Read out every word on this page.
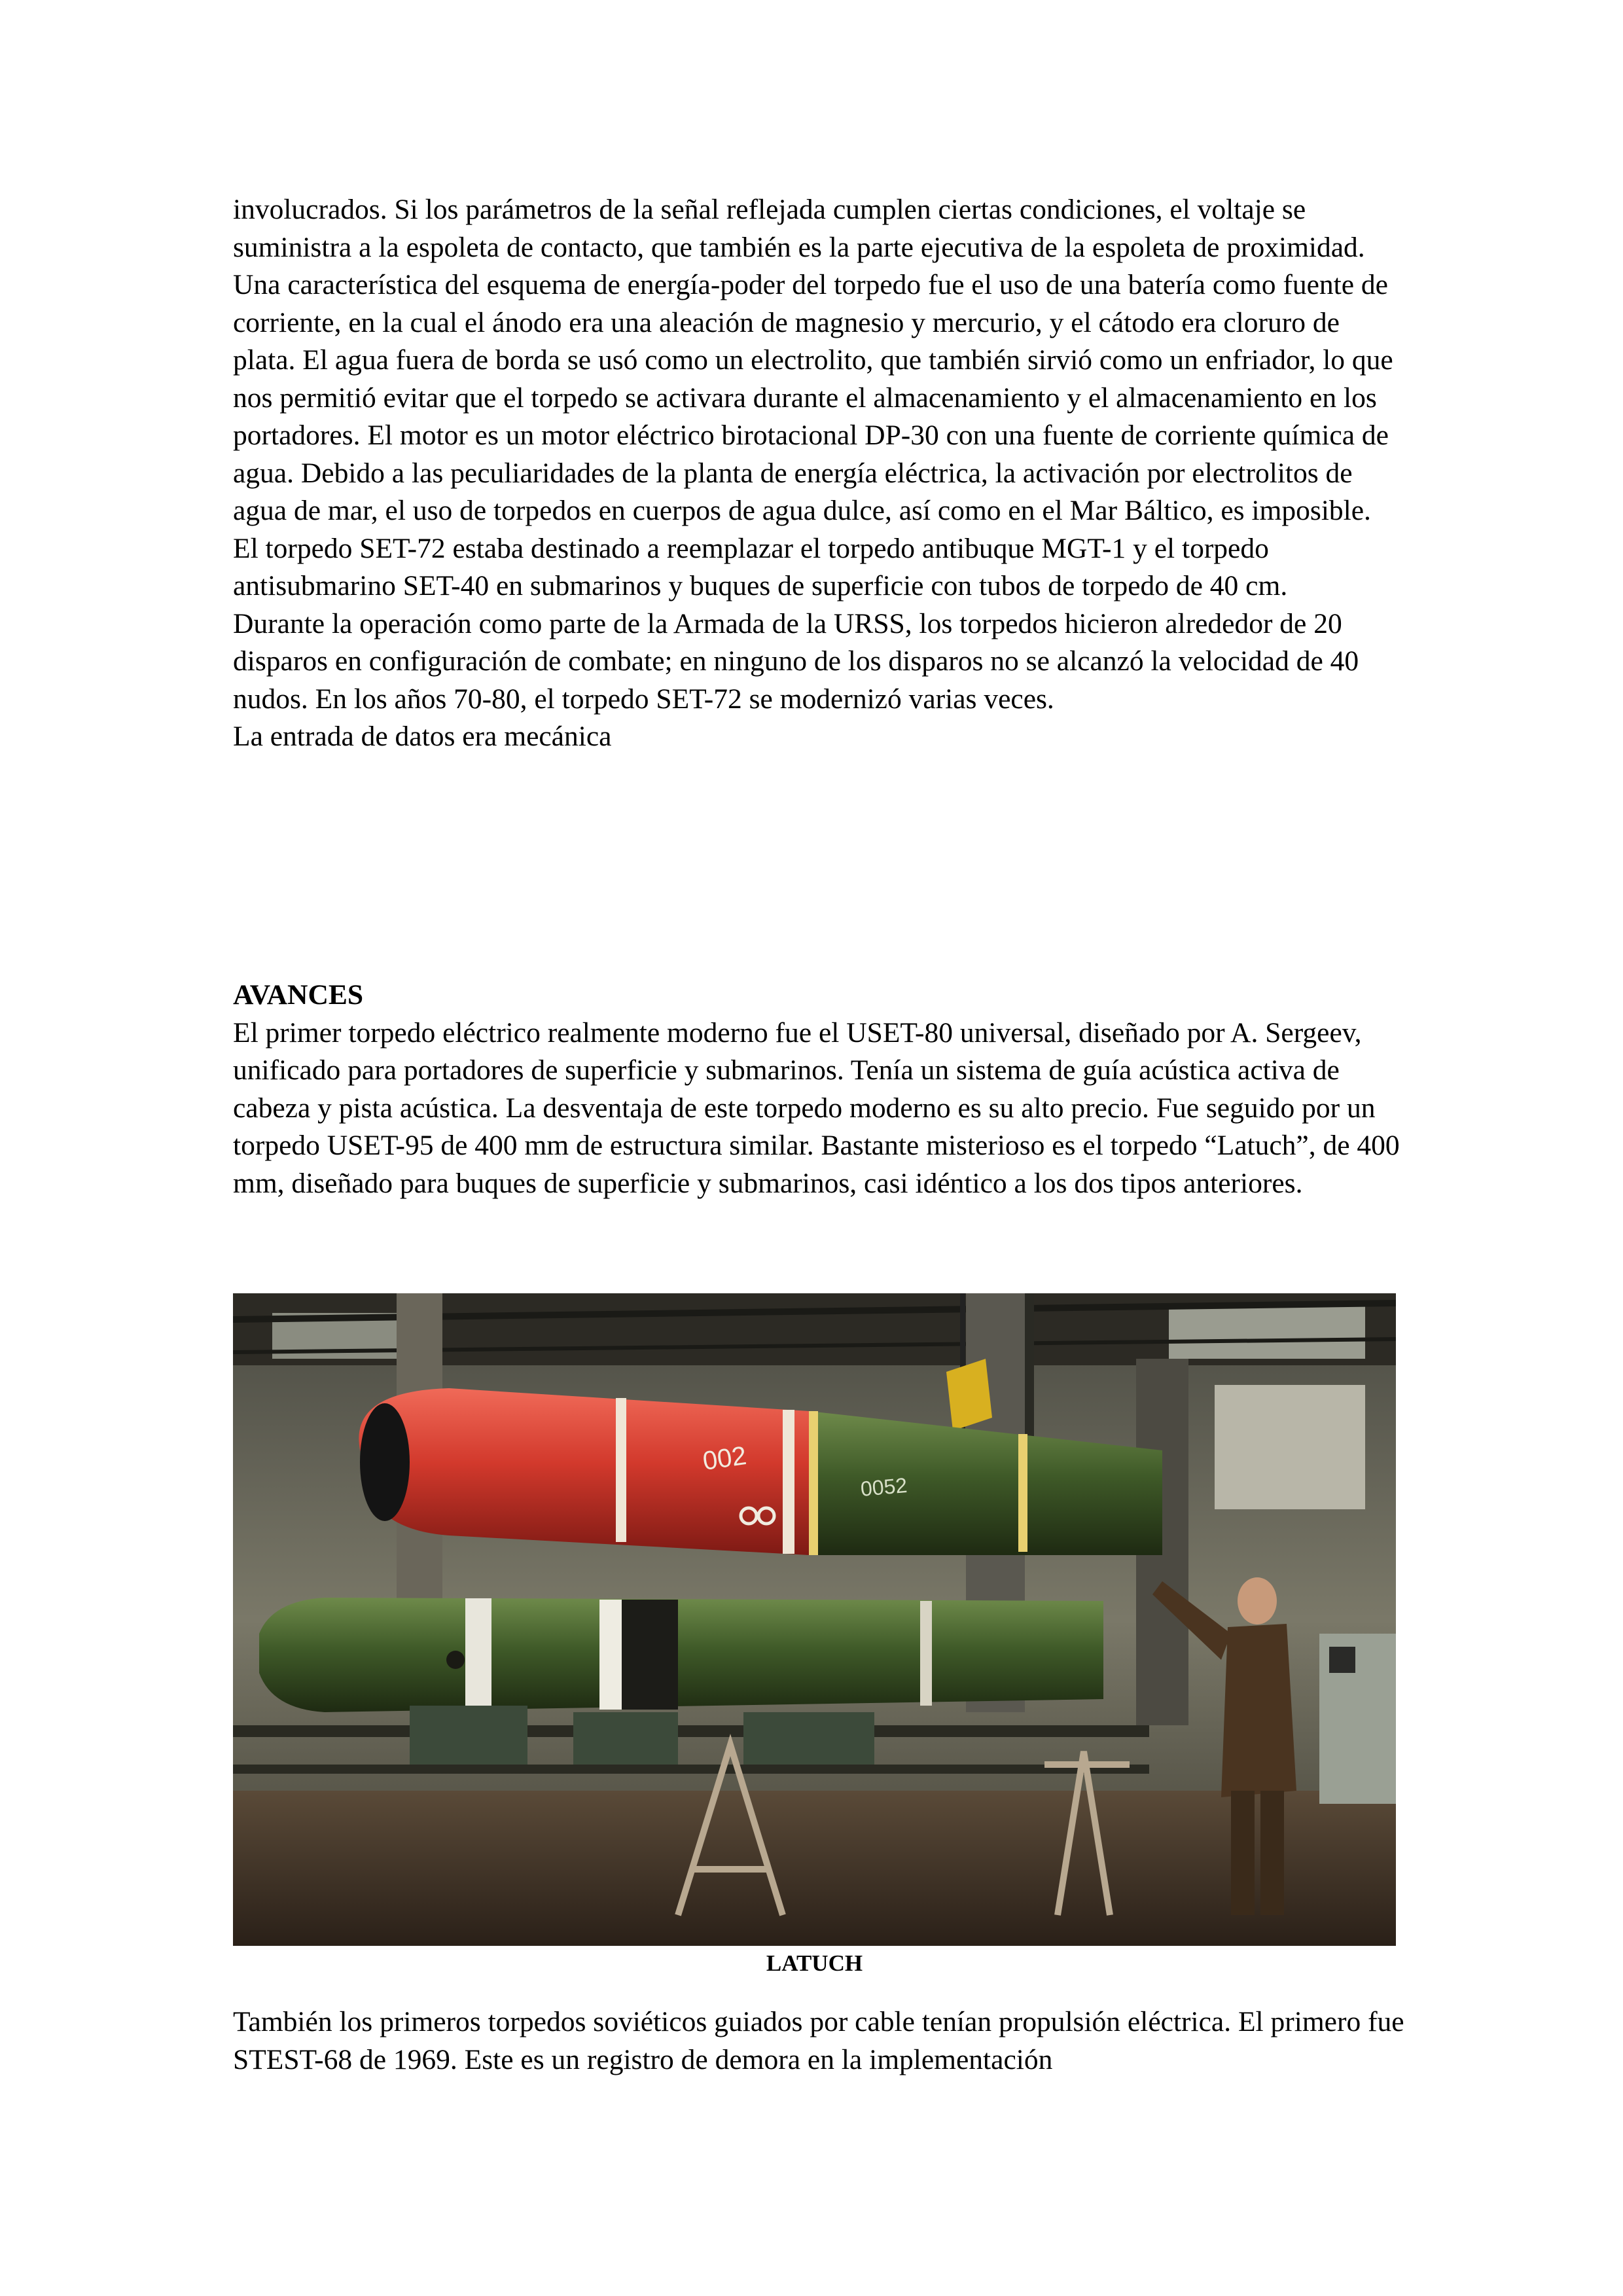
involucrados. Si los parámetros de la señal reflejada cumplen ciertas condiciones, el voltaje se suministra a la espoleta de contacto, que también es la parte ejecutiva de la espoleta de proximidad.

Una característica del esquema de energía-poder del torpedo fue el uso de una batería como fuente de corriente, en la cual el ánodo era una aleación de magnesio y mercurio, y el cátodo era cloruro de plata. El agua fuera de borda se usó como un electrolito, que también sirvió como un enfriador, lo que nos permitió evitar que el torpedo se activara durante el almacenamiento y el almacenamiento en los portadores. El motor es un motor eléctrico birotacional DP-30 con una fuente de corriente química de agua. Debido a las peculiaridades de la planta de energía eléctrica, la activación por electrolitos de agua de mar, el uso de torpedos en cuerpos de agua dulce, así como en el Mar Báltico, es imposible.

El torpedo SET-72 estaba destinado a reemplazar el torpedo antibuque MGT-1 y el torpedo antisubmarino SET-40 en submarinos y buques de superficie con tubos de torpedo de 40 cm.

Durante la operación como parte de la Armada de la URSS, los torpedos hicieron alrededor de 20 disparos en configuración de combate; en ninguno de los disparos no se alcanzó la velocidad de 40 nudos. En los años 70-80, el torpedo SET-72 se modernizó varias veces.

La entrada de datos era mecánica

AVANCES

El primer torpedo eléctrico realmente moderno fue el USET-80 universal, diseñado por A. Sergeev, unificado para portadores de superficie y submarinos. Tenía un sistema de guía acústica activa de cabeza y pista acústica. La desventaja de este torpedo moderno es su alto precio. Fue seguido por un torpedo USET-95 de 400 mm de estructura similar. Bastante misterioso es el torpedo “Latuch”, de 400 mm, diseñado para buques de superficie y submarinos, casi idéntico a los dos tipos anteriores.

002
0052
LATUCH

También los primeros torpedos soviéticos guiados por cable tenían propulsión eléctrica. El primero fue STEST-68 de 1969. Este es un registro de demora en la implementación
